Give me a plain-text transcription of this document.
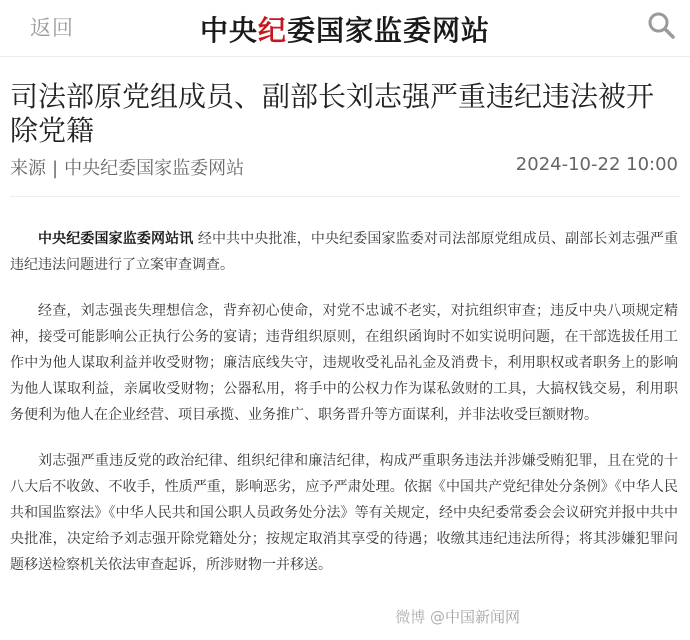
返回	中央纪委国家监委网站
司法部原党组成员、副部长刘志强严重违纪违法被开除党籍
来源 | 中央纪委国家监委网站	2024-10-22 10:00

中央纪委国家监委网站讯 经中共中央批准，中央纪委国家监委对司法部原党组成员、副部长刘志强严重违纪违法问题进行了立案审查调查。

经查，刘志强丧失理想信念，背弃初心使命，对党不忠诚不老实，对抗组织审查；违反中央八项规定精神，接受可能影响公正执行公务的宴请；违背组织原则，在组织函询时不如实说明问题，在干部选拔任用工作中为他人谋取利益并收受财物；廉洁底线失守，违规收受礼品礼金及消费卡，利用职权或者职务上的影响为他人谋取利益，亲属收受财物；公器私用，将手中的公权力作为谋私敛财的工具，大搞权钱交易，利用职务便利为他人在企业经营、项目承揽、业务推广、职务晋升等方面谋利，并非法收受巨额财物。

刘志强严重违反党的政治纪律、组织纪律和廉洁纪律，构成严重职务违法并涉嫌受贿犯罪，且在党的十八大后不收敛、不收手，性质严重，影响恶劣，应予严肃处理。依据《中国共产党纪律处分条例》《中华人民共和国监察法》《中华人民共和国公职人员政务处分法》等有关规定，经中央纪委常委会会议研究并报中共中央批准，决定给予刘志强开除党籍处分；按规定取消其享受的待遇；收缴其违纪违法所得；将其涉嫌犯罪问题移送检察机关依法审查起诉，所涉财物一并移送。

微博 @中国新闻网
